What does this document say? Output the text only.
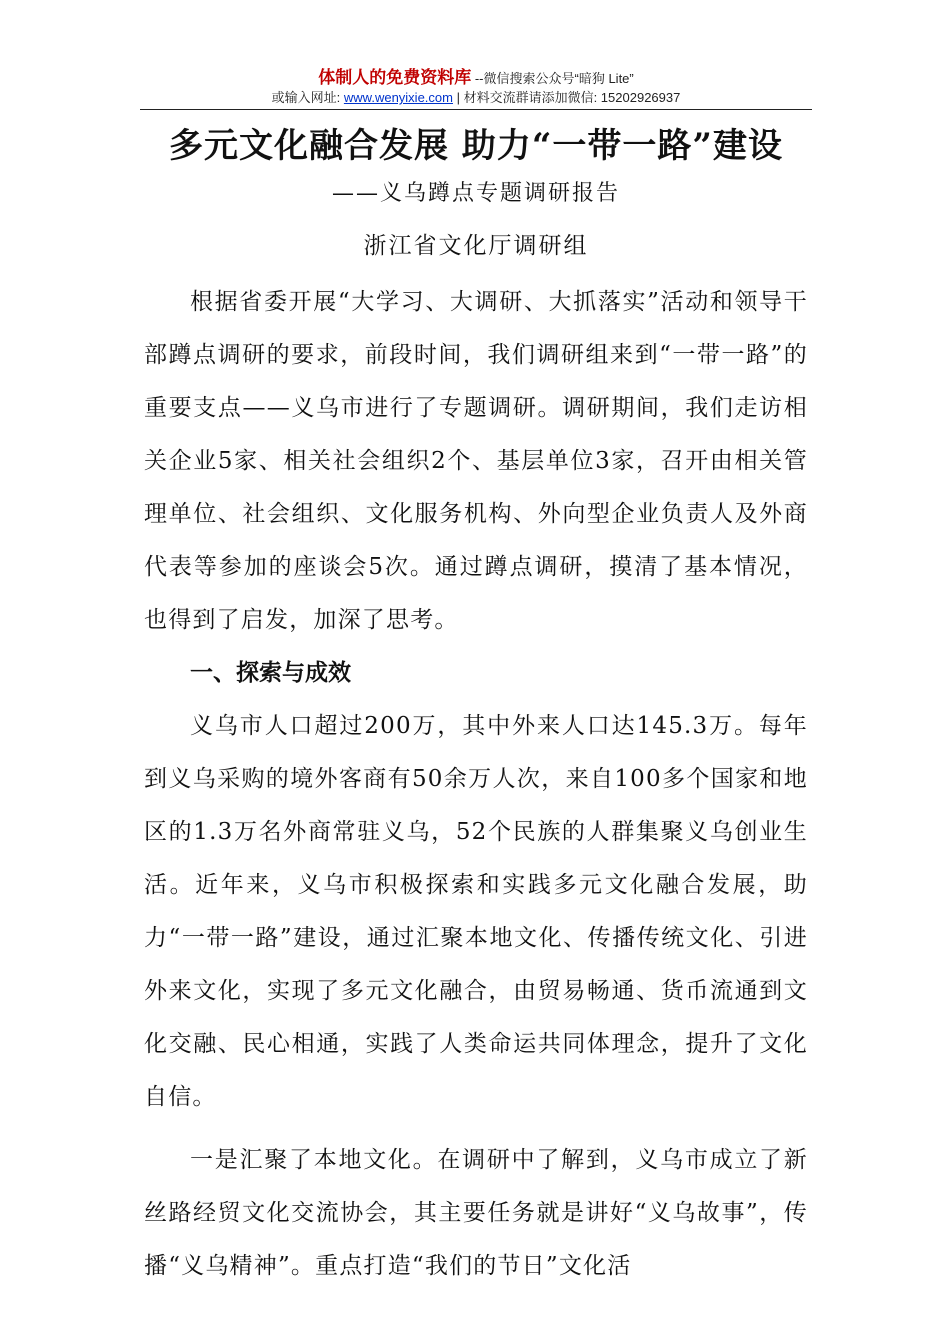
体制人的免费资料库 --微信搜索公众号“暗狗 Lite”
或输入网址: www.wenyixie.com | 材料交流群请添加微信: 15202926937
多元文化融合发展 助力“一带一路”建设

——义乌蹲点专题调研报告

浙江省文化厅调研组

根据省委开展“大学习、大调研、大抓落实”活动和领导干部蹲点调研的要求，前段时间，我们调研组来到“一带一路”的重要支点——义乌市进行了专题调研。调研期间，我们走访相关企业5家、相关社会组织2个、基层单位3家，召开由相关管理单位、社会组织、文化服务机构、外向型企业负责人及外商代表等参加的座谈会5次。通过蹲点调研，摸清了基本情况，也得到了启发，加深了思考。

一、探索与成效

义乌市人口超过200万，其中外来人口达145.3万。每年到义乌采购的境外客商有50余万人次，来自100多个国家和地区的1.3万名外商常驻义乌，52个民族的人群集聚义乌创业生活。近年来，义乌市积极探索和实践多元文化融合发展，助力“一带一路”建设，通过汇聚本地文化、传播传统文化、引进外来文化，实现了多元文化融合，由贸易畅通、货币流通到文化交融、民心相通，实践了人类命运共同体理念，提升了文化自信。

一是汇聚了本地文化。在调研中了解到，义乌市成立了新丝路经贸文化交流协会，其主要任务就是讲好“义乌故事”，传播“义乌精神”。重点打造“我们的节日”文化活
